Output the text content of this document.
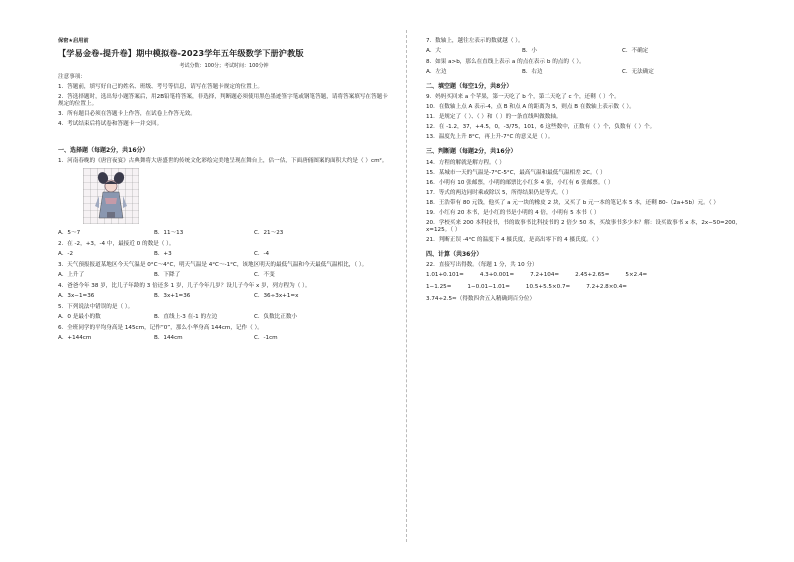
保密★启用前
【学易金卷-提升卷】期中模拟卷-2023学年五年级数学下册沪教版
考试分数：100分；考试时间：100分钟
注意事项：
1．答题前，填写好自己的姓名、班级、考号等信息，请写在答题卡规定的位置上。
2．答选择题时，选出每小题答案后，用2B铅笔将答案，非选择，判断题必须使用黑色墨迹签字笔或钢笔答题，请将答案填写在答题卡规定的位置上。
3．所有题目必须在答题卡上作答，在试卷上作答无效。
4．考试结束后将试卷和答题卡一并交回。
一、选择题（每题2分，共16分）
1．河南春晚的《唐宫夜宴》古典舞将大唐盛世的传统文化彩绘完美地呈现在舞台上，估一估，下面唐俑图案的面积大约是（ ）cm²。
A．5～7	B．11～13	C．21～23
2．在 -2，+3，-4 中，最接近 0 的数是（ ）。
A．-2	B．+3	C．-4
3．天气预报报道某地区今天气温是 0°C～4°C，明天气温是 4°C～-1°C，该地区明天的最低气温和今天最低气温相比，（ ）。
A．上升了	B．下降了	C．不变
4．爸爸今年 38 岁，比儿子年龄的 3 倍还多 1 岁，儿子今年几岁？设儿子今年 x 岁，列方程为（ ）。
A．3x−1=36	B．3x+1=36	C．36÷3x+1=x
5．下列说法中错误的是（ ）。
A．0 是最小的数	B．直线上-3 在-1 的左边	C．负数比正数小
6．全班同学的平均身高是 145cm，记作“0”，那么小华身高 144cm，记作（ ）。
A．+144cm	B．144cm	C．-1cm
7．数轴上，越往左表示的数就越（ ）。
A．大	B．小	C．不确定
8．如果 a>b，那么在直线上表示 a 的点在表示 b 的点的（ ）。
A．左边	B．右边	C．无法确定
二、填空题（每空1分，共8分）
9．妈妈买回来 a 个苹果，第一天吃了 b 个，第二天吃了 c 个，还剩（ ）个。
10．在数轴上点 A 表示-4，点 B 和点 A 的距离为 5，则点 B 在数轴上表示数（ ）。
11．是规定了（ ）、（ ）和（ ）的一条直线叫做数轴。
12．在 -1.2，37，+4.5，0，-3/75，101，6 这些数中，正数有（ ）个，负数有（ ）个。
13．温度先上升 8°C，再上升-7°C 的意义是（ ）。
三、判断题（每题2分，共16分）
14．方程的解就是解方程。（ ）
15．某城市一天的气温是-7°C-5°C，最高气温和最低气温相差 2C。（ ）
16．小明有 10 张邮票，小明的邮票比小红多 4 张，小红有 6 张邮票。（ ）
17．等式的两边同时乘或除以 5，所得结果仍是等式。（ ）
18．王浩带有 80 元钱，他买了 a 元一块的橡皮 2 块，又买了 b 元一本的笔记本 5 本，还剩 80-（2a+5b）元。（ ）
19．小红有 20 本书，是小红的书是小明的 4 倍，小明有 5 本书（ ）
20．学校买来 200 本科技书，书的故事书比科技书的 2 倍少 50 本，买故事书多少本？解：设买故事书 x 本，2x−50=200，x=125。（ ）
21．判断正误 -4°C 的温度下 4 摄氏度，是高出零下的 4 摄氏度。（ ）
四、计算（共36分）
22．直接写出得数。（每题 1 分，共 10 分）
1.01+0.101=	4.3+0.001=	7.2+104=	2.45+2.65=	5×2.4=
1−1.25=	1−0.01−1.01=	10.5+5.5×0.7=	7.2+2.8×0.4=
3.74÷2.5≈（得数四舍五入精确到百分位）
